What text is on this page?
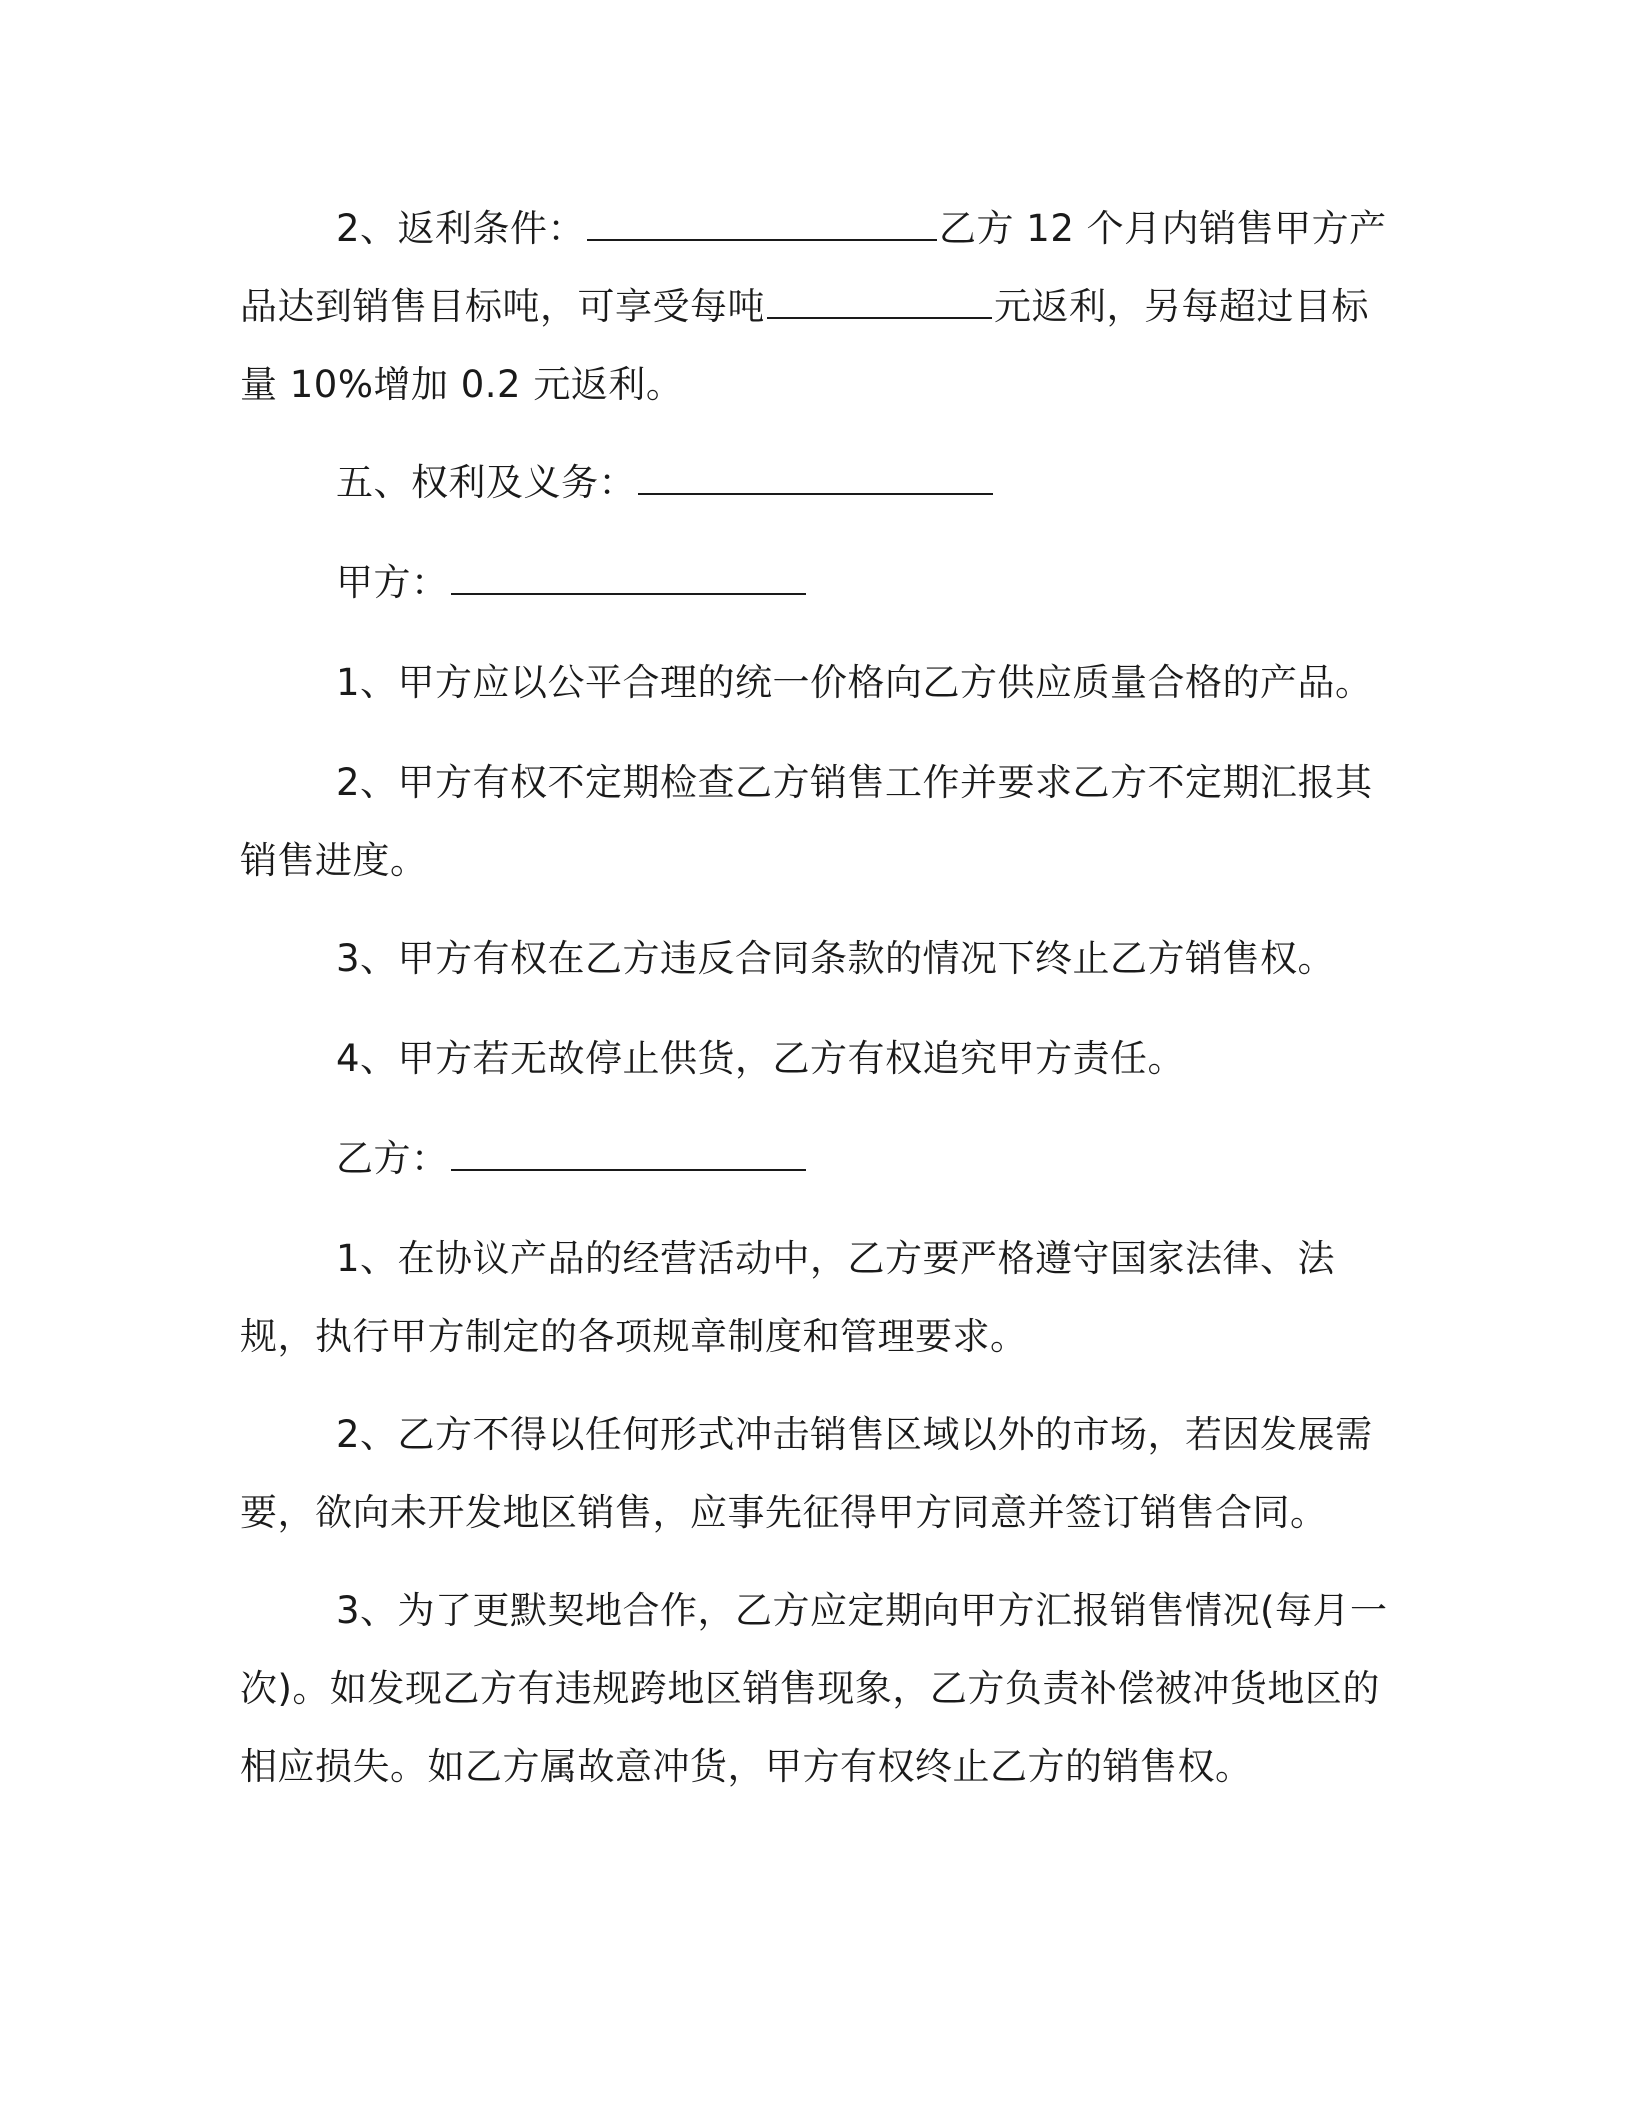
2、返利条件：	乙方 12 个月内销售甲方产品达到销售目标吨，可享受每吨	元返利，另每超过目标量 10%增加 0.2 元返利。

五、权利及义务：

甲方：

1、甲方应以公平合理的统一价格向乙方供应质量合格的产品。

2、甲方有权不定期检查乙方销售工作并要求乙方不定期汇报其销售进度。

3、甲方有权在乙方违反合同条款的情况下终止乙方销售权。

4、甲方若无故停止供货，乙方有权追究甲方责任。

乙方：

1、在协议产品的经营活动中，乙方要严格遵守国家法律、法规，执行甲方制定的各项规章制度和管理要求。

2、乙方不得以任何形式冲击销售区域以外的市场，若因发展需要，欲向未开发地区销售，应事先征得甲方同意并签订销售合同。

3、为了更默契地合作，乙方应定期向甲方汇报销售情况(每月一次)。如发现乙方有违规跨地区销售现象，乙方负责补偿被冲货地区的相应损失。如乙方属故意冲货，甲方有权终止乙方的销售权。
